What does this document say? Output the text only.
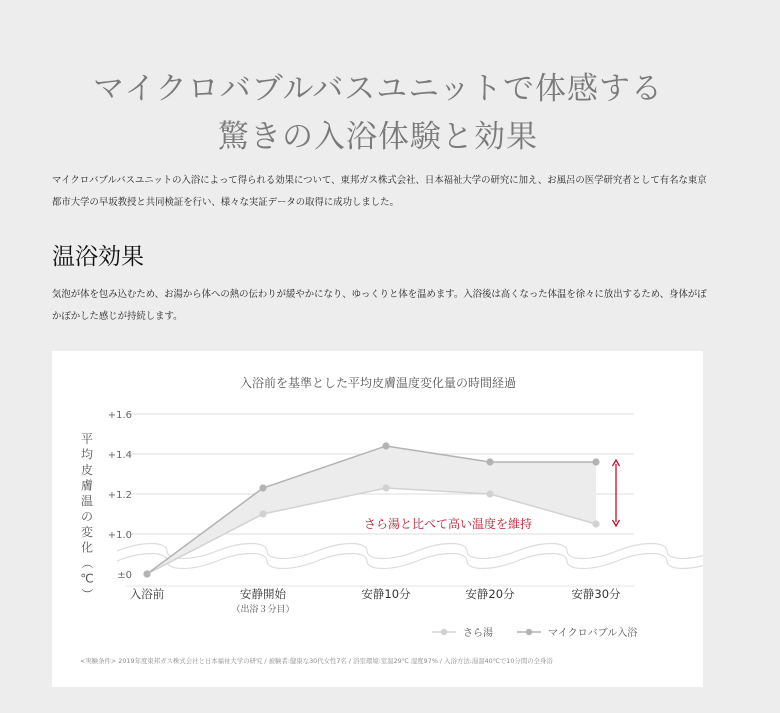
マイクロバブルバスユニットで体感する
驚きの入浴体験と効果

マイクロバブルバスユニットの入浴によって得られる効果について、東邦ガス株式会社、日本福祉大学の研究に加え、お風呂の医学研究者として有名な東京都市大学の早坂教授と共同検証を行い、様々な実証データの取得に成功しました。

温浴効果

気泡が体を包み込むため、お湯から体への熱の伝わりが緩やかになり、ゆっくりと体を温めます。入浴後は高くなった体温を徐々に放出するため、身体がぽかぽかした感じが持続します。

入浴前を基準とした平均皮膚温度変化量の時間経過
±0
+1.0
+1.2
+1.4
+1.6
平
均
皮
膚
温
の
変
化
（
℃
）
さら湯と比べて高い温度を維持
入浴前	安静開始
（出浴３分目）
安静10分	安静20分	安静30分
さら湯	マイクロバブル入浴
<実験条件> 2019年度東邦ガス株式会社と日本福祉大学の研究 / 被験者:健康な30代女性7名 / 浴室環境:室温29℃ 湿度97% / 入浴方法:湯温40℃で10分間の全身浴
